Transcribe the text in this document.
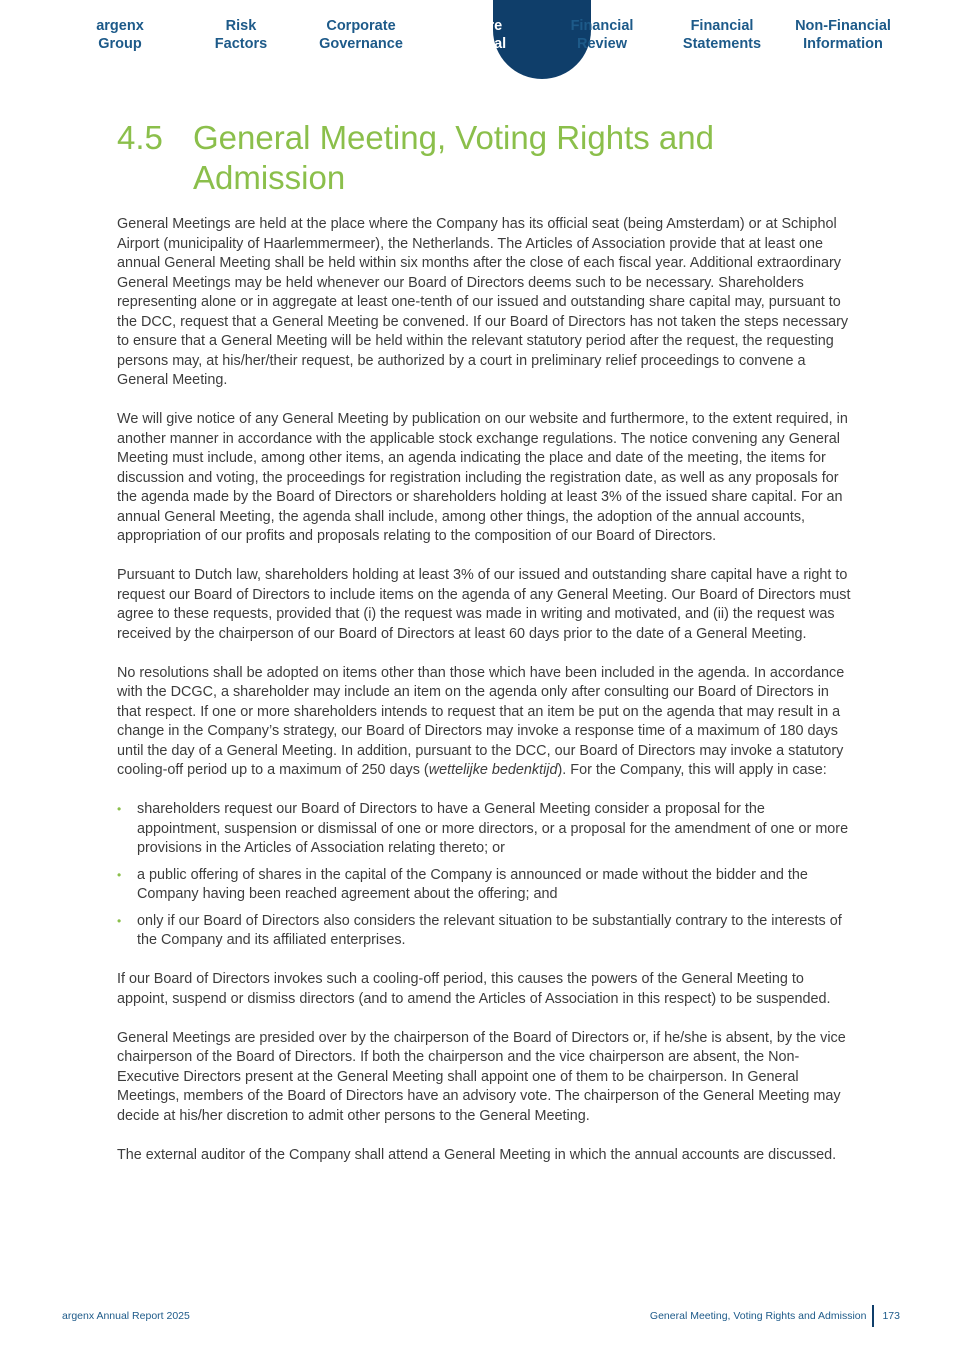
argenx
Group
Risk
Factors
Corporate
Governance
Share
Capital
Financial
Review
Financial
Statements
Non-Financial
Information
4.5 General Meeting, Voting Rights and Admission

General Meetings are held at the place where the Company has its official seat (being Amsterdam) or at Schiphol Airport (municipality of Haarlemmermeer), the Netherlands. The Articles of Association provide that at least one annual General Meeting shall be held within six months after the close of each fiscal year. Additional extraordinary General Meetings may be held whenever our Board of Directors deems such to be necessary. Shareholders representing alone or in aggregate at least one-tenth of our issued and outstanding share capital may, pursuant to the DCC, request that a General Meeting be convened. If our Board of Directors has not taken the steps necessary to ensure that a General Meeting will be held within the relevant statutory period after the request, the requesting persons may, at his/her/their request, be authorized by a court in preliminary relief proceedings to convene a General Meeting.

We will give notice of any General Meeting by publication on our website and furthermore, to the extent required, in another manner in accordance with the applicable stock exchange regulations. The notice convening any General Meeting must include, among other items, an agenda indicating the place and date of the meeting, the items for discussion and voting, the proceedings for registration including the registration date, as well as any proposals for the agenda made by the Board of Directors or shareholders holding at least 3% of the issued share capital. For an annual General Meeting, the agenda shall include, among other things, the adoption of the annual accounts, appropriation of our profits and proposals relating to the composition of our Board of Directors.

Pursuant to Dutch law, shareholders holding at least 3% of our issued and outstanding share capital have a right to request our Board of Directors to include items on the agenda of any General Meeting. Our Board of Directors must agree to these requests, provided that (i) the request was made in writing and motivated, and (ii) the request was received by the chairperson of our Board of Directors at least 60 days prior to the date of a General Meeting.

No resolutions shall be adopted on items other than those which have been included in the agenda. In accordance with the DCGC, a shareholder may include an item on the agenda only after consulting our Board of Directors in that respect. If one or more shareholders intends to request that an item be put on the agenda that may result in a change in the Company’s strategy, our Board of Directors may invoke a response time of a maximum of 180 days until the day of a General Meeting. In addition, pursuant to the DCC, our Board of Directors may invoke a statutory cooling-off period up to a maximum of 250 days (wettelijke bedenktijd). For the Company, this will apply in case:

• shareholders request our Board of Directors to have a General Meeting consider a proposal for the appointment, suspension or dismissal of one or more directors, or a proposal for the amendment of one or more provisions in the Articles of Association relating thereto; or
• a public offering of shares in the capital of the Company is announced or made without the bidder and the Company having been reached agreement about the offering; and
• only if our Board of Directors also considers the relevant situation to be substantially contrary to the interests of the Company and its affiliated enterprises.

If our Board of Directors invokes such a cooling-off period, this causes the powers of the General Meeting to appoint, suspend or dismiss directors (and to amend the Articles of Association in this respect) to be suspended.

General Meetings are presided over by the chairperson of the Board of Directors or, if he/she is absent, by the vice chairperson of the Board of Directors. If both the chairperson and the vice chairperson are absent, the Non-Executive Directors present at the General Meeting shall appoint one of them to be chairperson. In General Meetings, members of the Board of Directors have an advisory vote. The chairperson of the General Meeting may decide at his/her discretion to admit other persons to the General Meeting.

The external auditor of the Company shall attend a General Meeting in which the annual accounts are discussed.

argenx Annual Report 2025	General Meeting, Voting Rights and Admission	173
